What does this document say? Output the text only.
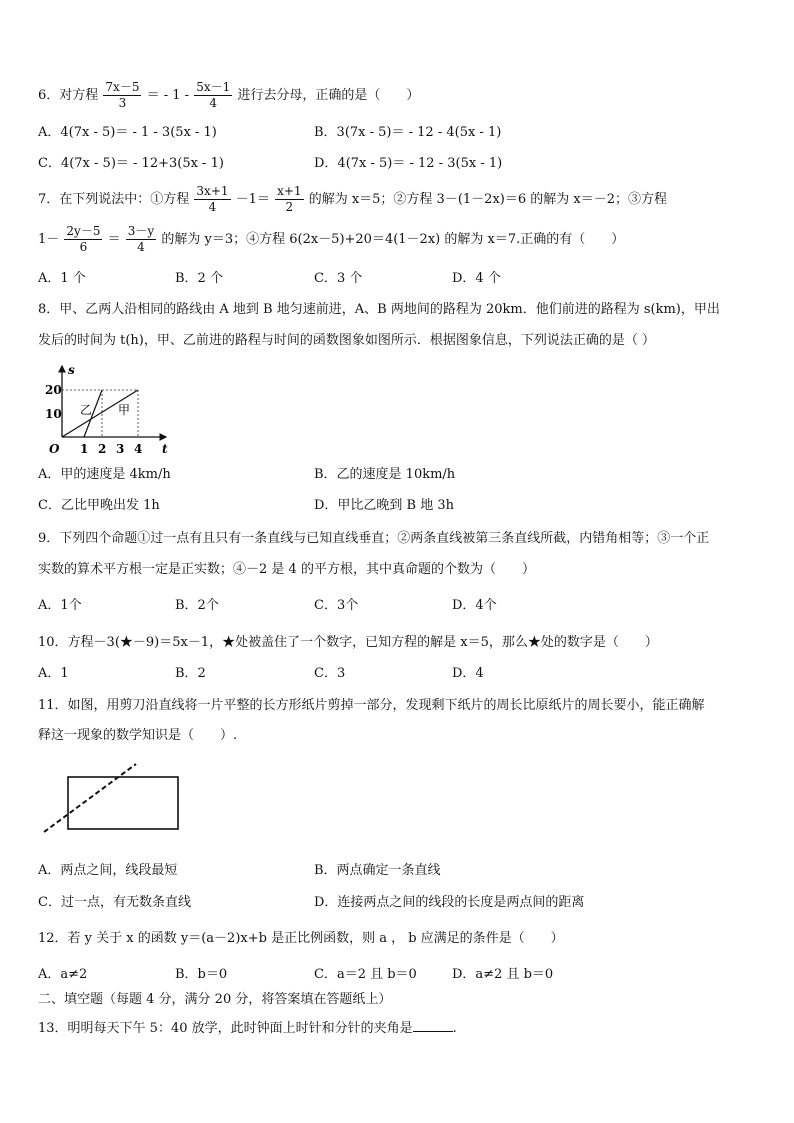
6．对方程 $\frac{7x-5}{3}$ ＝ - $1 - \frac{5x-1}{4}$ 进行去分母，正确的是（　　）
A．4(7x - 5)＝ - 1 - 3(5x - 1)	B．3(7x - 5)＝ - 12 - 4(5x - 1)
C．4(7x - 5)＝ - 12+3(5x - 1)	D．4(7x - 5)＝ - 12 - 3(5x - 1)
7．在下列说法中：①方程 $\frac{3x+1}{4} -1= \frac{x+1}{2}$ 的解为 x＝5；②方程 3－(1－2x)＝6 的解为 x＝－2；③方程
$1- \frac{2y-5}{6} = \frac{3-y}{4}$ 的解为 y＝3；④方程 6(2x－5)+20＝4(1－2x) 的解为 x＝7.正确的有（　　）
A．1 个	B．2 个	C．3 个	D．4 个
8．甲、乙两人沿相同的路线由 A 地到 B 地匀速前进，A、B 两地间的路程为 20km．他们前进的路程为 s(km)，甲出
发后的时间为 t(h)，甲、乙前进的路程与时间的函数图象如图所示．根据图象信息，下列说法正确的是（ ）
s
t
O
10
20
1 2 3 4
乙 甲
A．甲的速度是 4km/h	B．乙的速度是 10km/h
C．乙比甲晚出发 1h	D．甲比乙晚到 B 地 3h
9．下列四个命题①过一点有且只有一条直线与已知直线垂直；②两条直线被第三条直线所截，内错角相等；③一个正
实数的算术平方根一定是正实数；④－2 是 4 的平方根，其中真命题的个数为（　　）
A．1个	B．2个	C．3个	D．4个
10．方程－3(★－9)＝5x－1，★处被盖住了一个数字，已知方程的解是 x＝5，那么★处的数字是（　　）
A．1	B．2	C．3	D．4
11．如图，用剪刀沿直线将一片平整的长方形纸片剪掉一部分，发现剩下纸片的周长比原纸片的周长要小，能正确解
释这一现象的数学知识是（　　）.
A．两点之间，线段最短	B．两点确定一条直线
C．过一点，有无数条直线	D．连接两点之间的线段的长度是两点间的距离
12．若 y 关于 x 的函数 y＝(a－2)x+b 是正比例函数，则 a ， b 应满足的条件是（　　）
A．a≠2	B．b＝0	C．a＝2 且 b＝0	D．a≠2 且 b＝0
二、填空题（每题 4 分，满分 20 分，将答案填在答题纸上）
13．明明每天下午 5：40 放学，此时钟面上时针和分针的夹角是	.
